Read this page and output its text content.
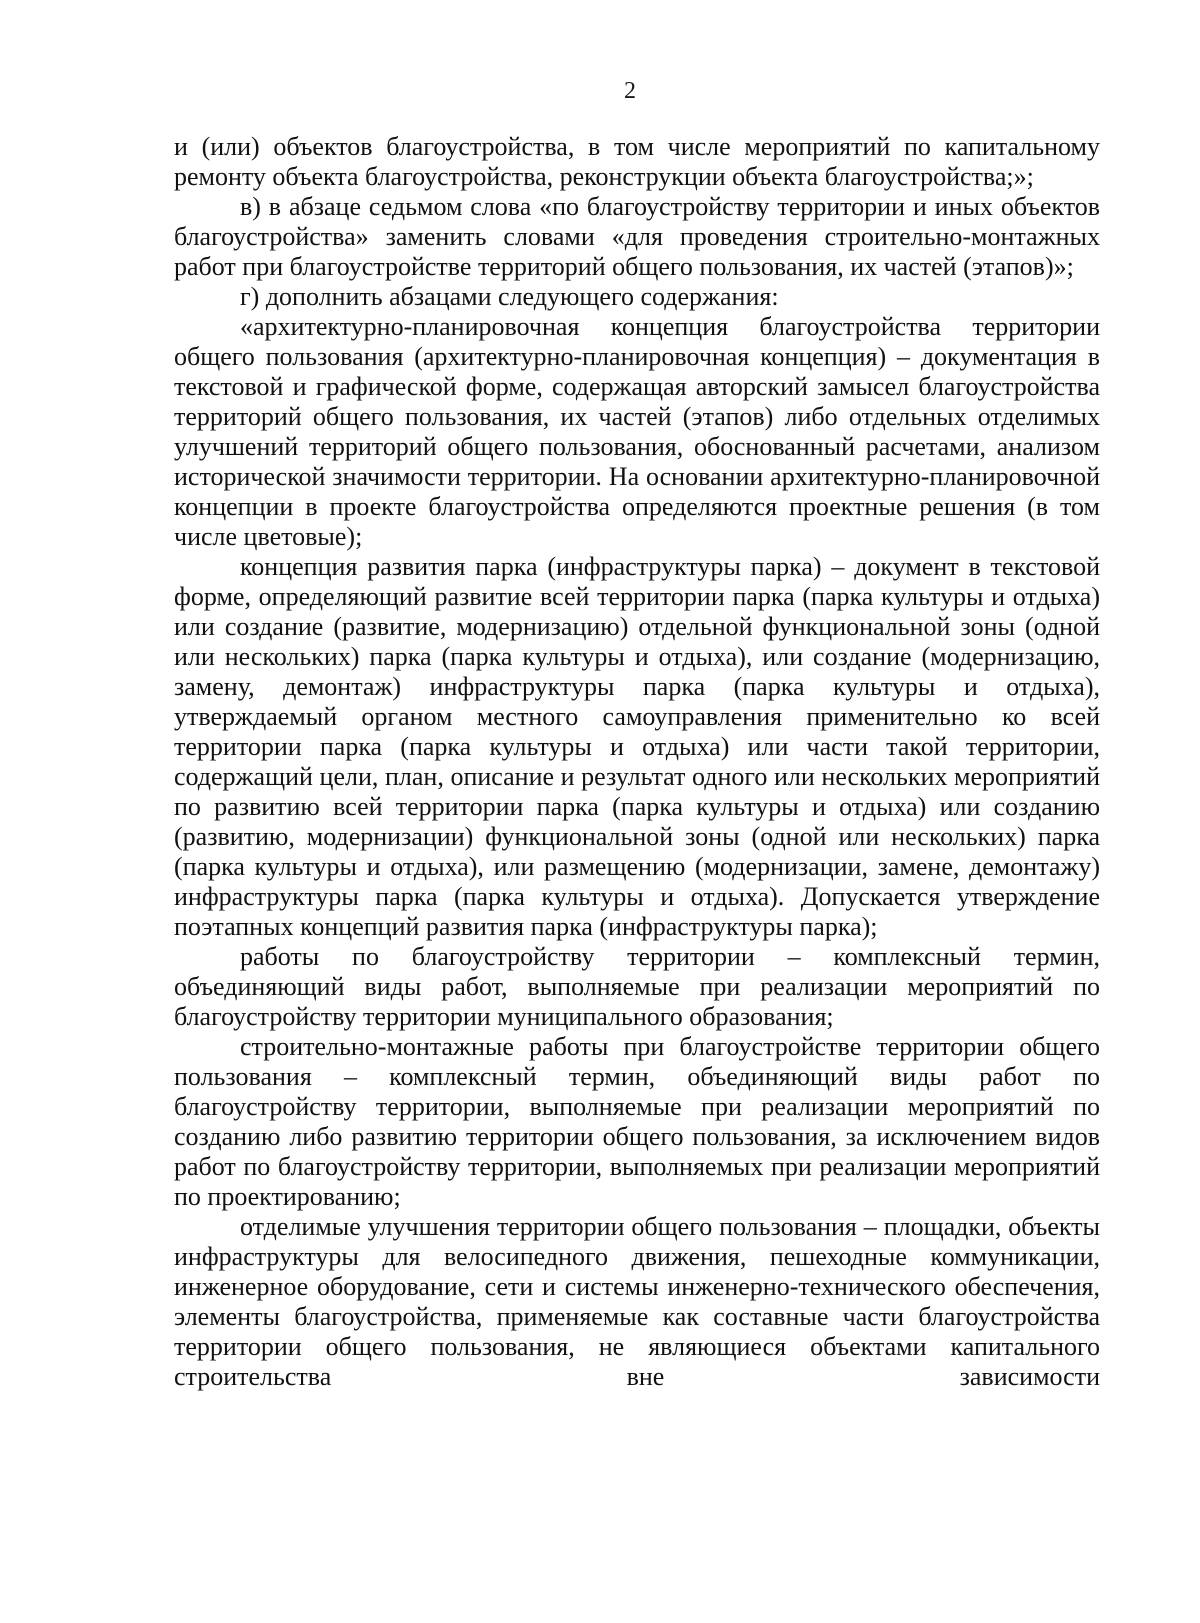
2

и (или) объектов благоустройства, в том числе мероприятий по капитальному ремонту объекта благоустройства, реконструкции объекта благоустройства;»;

в) в абзаце седьмом слова «по благоустройству территории и иных объектов благоустройства» заменить словами «для проведения строительно-монтажных работ при благоустройстве территорий общего пользования, их частей (этапов)»;

г) дополнить абзацами следующего содержания:

«архитектурно-планировочная концепция благоустройства территории общего пользования (архитектурно-планировочная концепция) – документация в текстовой и графической форме, содержащая авторский замысел благоустройства территорий общего пользования, их частей (этапов) либо отдельных отделимых улучшений территорий общего пользования, обоснованный расчетами, анализом исторической значимости территории. На основании архитектурно-планировочной концепции в проекте благоустройства определяются проектные решения (в том числе цветовые);

концепция развития парка (инфраструктуры парка) – документ в текстовой форме, определяющий развитие всей территории парка (парка культуры и отдыха) или создание (развитие, модернизацию) отдельной функциональной зоны (одной или нескольких) парка (парка культуры и отдыха), или создание (модернизацию, замену, демонтаж) инфраструктуры парка (парка культуры и отдыха), утверждаемый органом местного самоуправления применительно ко всей территории парка (парка культуры и отдыха) или части такой территории, содержащий цели, план, описание и результат одного или нескольких мероприятий по развитию всей территории парка (парка культуры и отдыха) или созданию (развитию, модернизации) функциональной зоны (одной или нескольких) парка (парка культуры и отдыха), или размещению (модернизации, замене, демонтажу) инфраструктуры парка (парка культуры и отдыха). Допускается утверждение поэтапных концепций развития парка (инфраструктуры парка);

работы по благоустройству территории – комплексный термин, объединяющий виды работ, выполняемые при реализации мероприятий по благоустройству территории муниципального образования;

строительно-монтажные работы при благоустройстве территории общего пользования – комплексный термин, объединяющий виды работ по благоустройству территории, выполняемые при реализации мероприятий по созданию либо развитию территории общего пользования, за исключением видов работ по благоустройству территории, выполняемых при реализации мероприятий по проектированию;

отделимые улучшения территории общего пользования – площадки, объекты инфраструктуры для велосипедного движения, пешеходные коммуникации, инженерное оборудование, сети и системы инженерно-технического обеспечения, элементы благоустройства, применяемые как составные части благоустройства территории общего пользования, не являющиеся объектами капитального строительства вне зависимости
